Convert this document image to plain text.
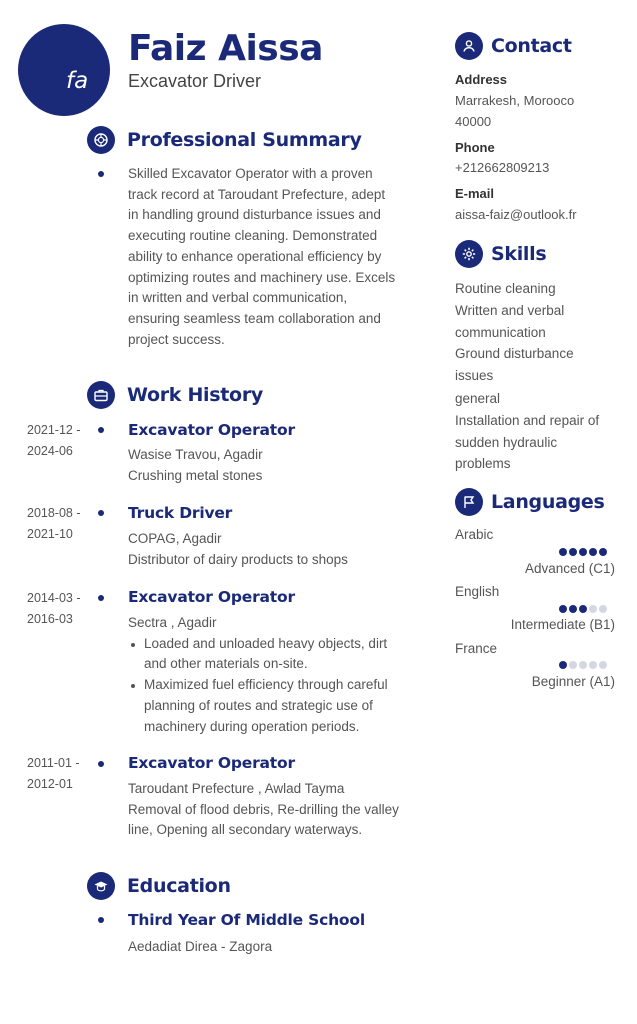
fa
Faiz Aissa
Excavator Driver
Professional Summary
Skilled Excavator Operator with a proven
track record at Taroudant Prefecture, adept
in handling ground disturbance issues and
executing routine cleaning. Demonstrated
ability to enhance operational efficiency by
optimizing routes and machinery use. Excels
in written and verbal communication,
ensuring seamless team collaboration and
project success.
Work History
2021-12 -
2024-06
Excavator Operator
Wasise Travou, Agadir
Crushing metal stones
2018-08 -
2021-10
Truck Driver
COPAG, Agadir
Distributor of dairy products to shops
2014-03 -
2016-03
Excavator Operator
Sectra , Agadir
Loaded and unloaded heavy objects, dirt
and other materials on-site.
Maximized fuel efficiency through careful
planning of routes and strategic use of
machinery during operation periods.
2011-01 -
2012-01
Excavator Operator
Taroudant Prefecture , Awlad Tayma
Removal of flood debris, Re-drilling the valley
line, Opening all secondary waterways.
Education
Third Year Of Middle School
Aedadiat Direa - Zagora
Contact
Address
Marrakesh, Morooco
40000
Phone
+212662809213
E-mail
aissa-faiz@outlook.fr
Skills
Routine cleaning
Written and verbal
communication
Ground disturbance
issues
general
Installation and repair of
sudden hydraulic
problems
Languages
Arabic
Advanced (C1)
English
Intermediate (B1)
France
Beginner (A1)
